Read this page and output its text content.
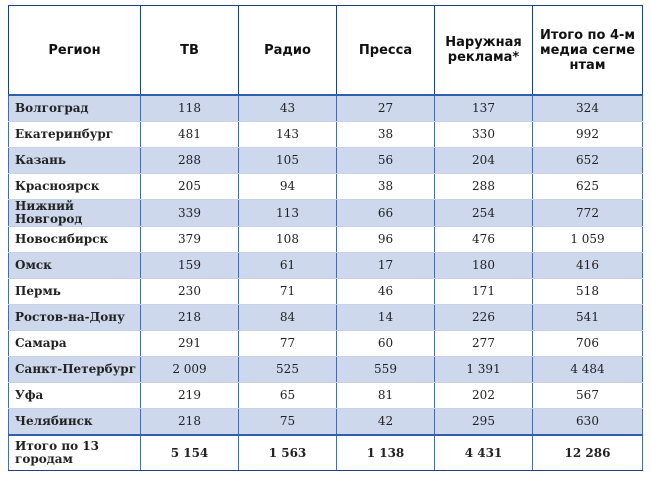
Регион	ТВ	Радио	Пресса	Наружная реклама*	Итого по 4-м медиа сегментам
Волгоград	118	43	27	137	324
Екатеринбург	481	143	38	330	992
Казань	288	105	56	204	652
Красноярск	205	94	38	288	625
Нижний Новгород	339	113	66	254	772
Новосибирск	379	108	96	476	1 059
Омск	159	61	17	180	416
Пермь	230	71	46	171	518
Ростов-на-Дону	218	84	14	226	541
Самара	291	77	60	277	706
Санкт-Петербург	2 009	525	559	1 391	4 484
Уфа	219	65	81	202	567
Челябинск	218	75	42	295	630
Итого по 13 городам	5 154	1 563	1 138	4 431	12 286
